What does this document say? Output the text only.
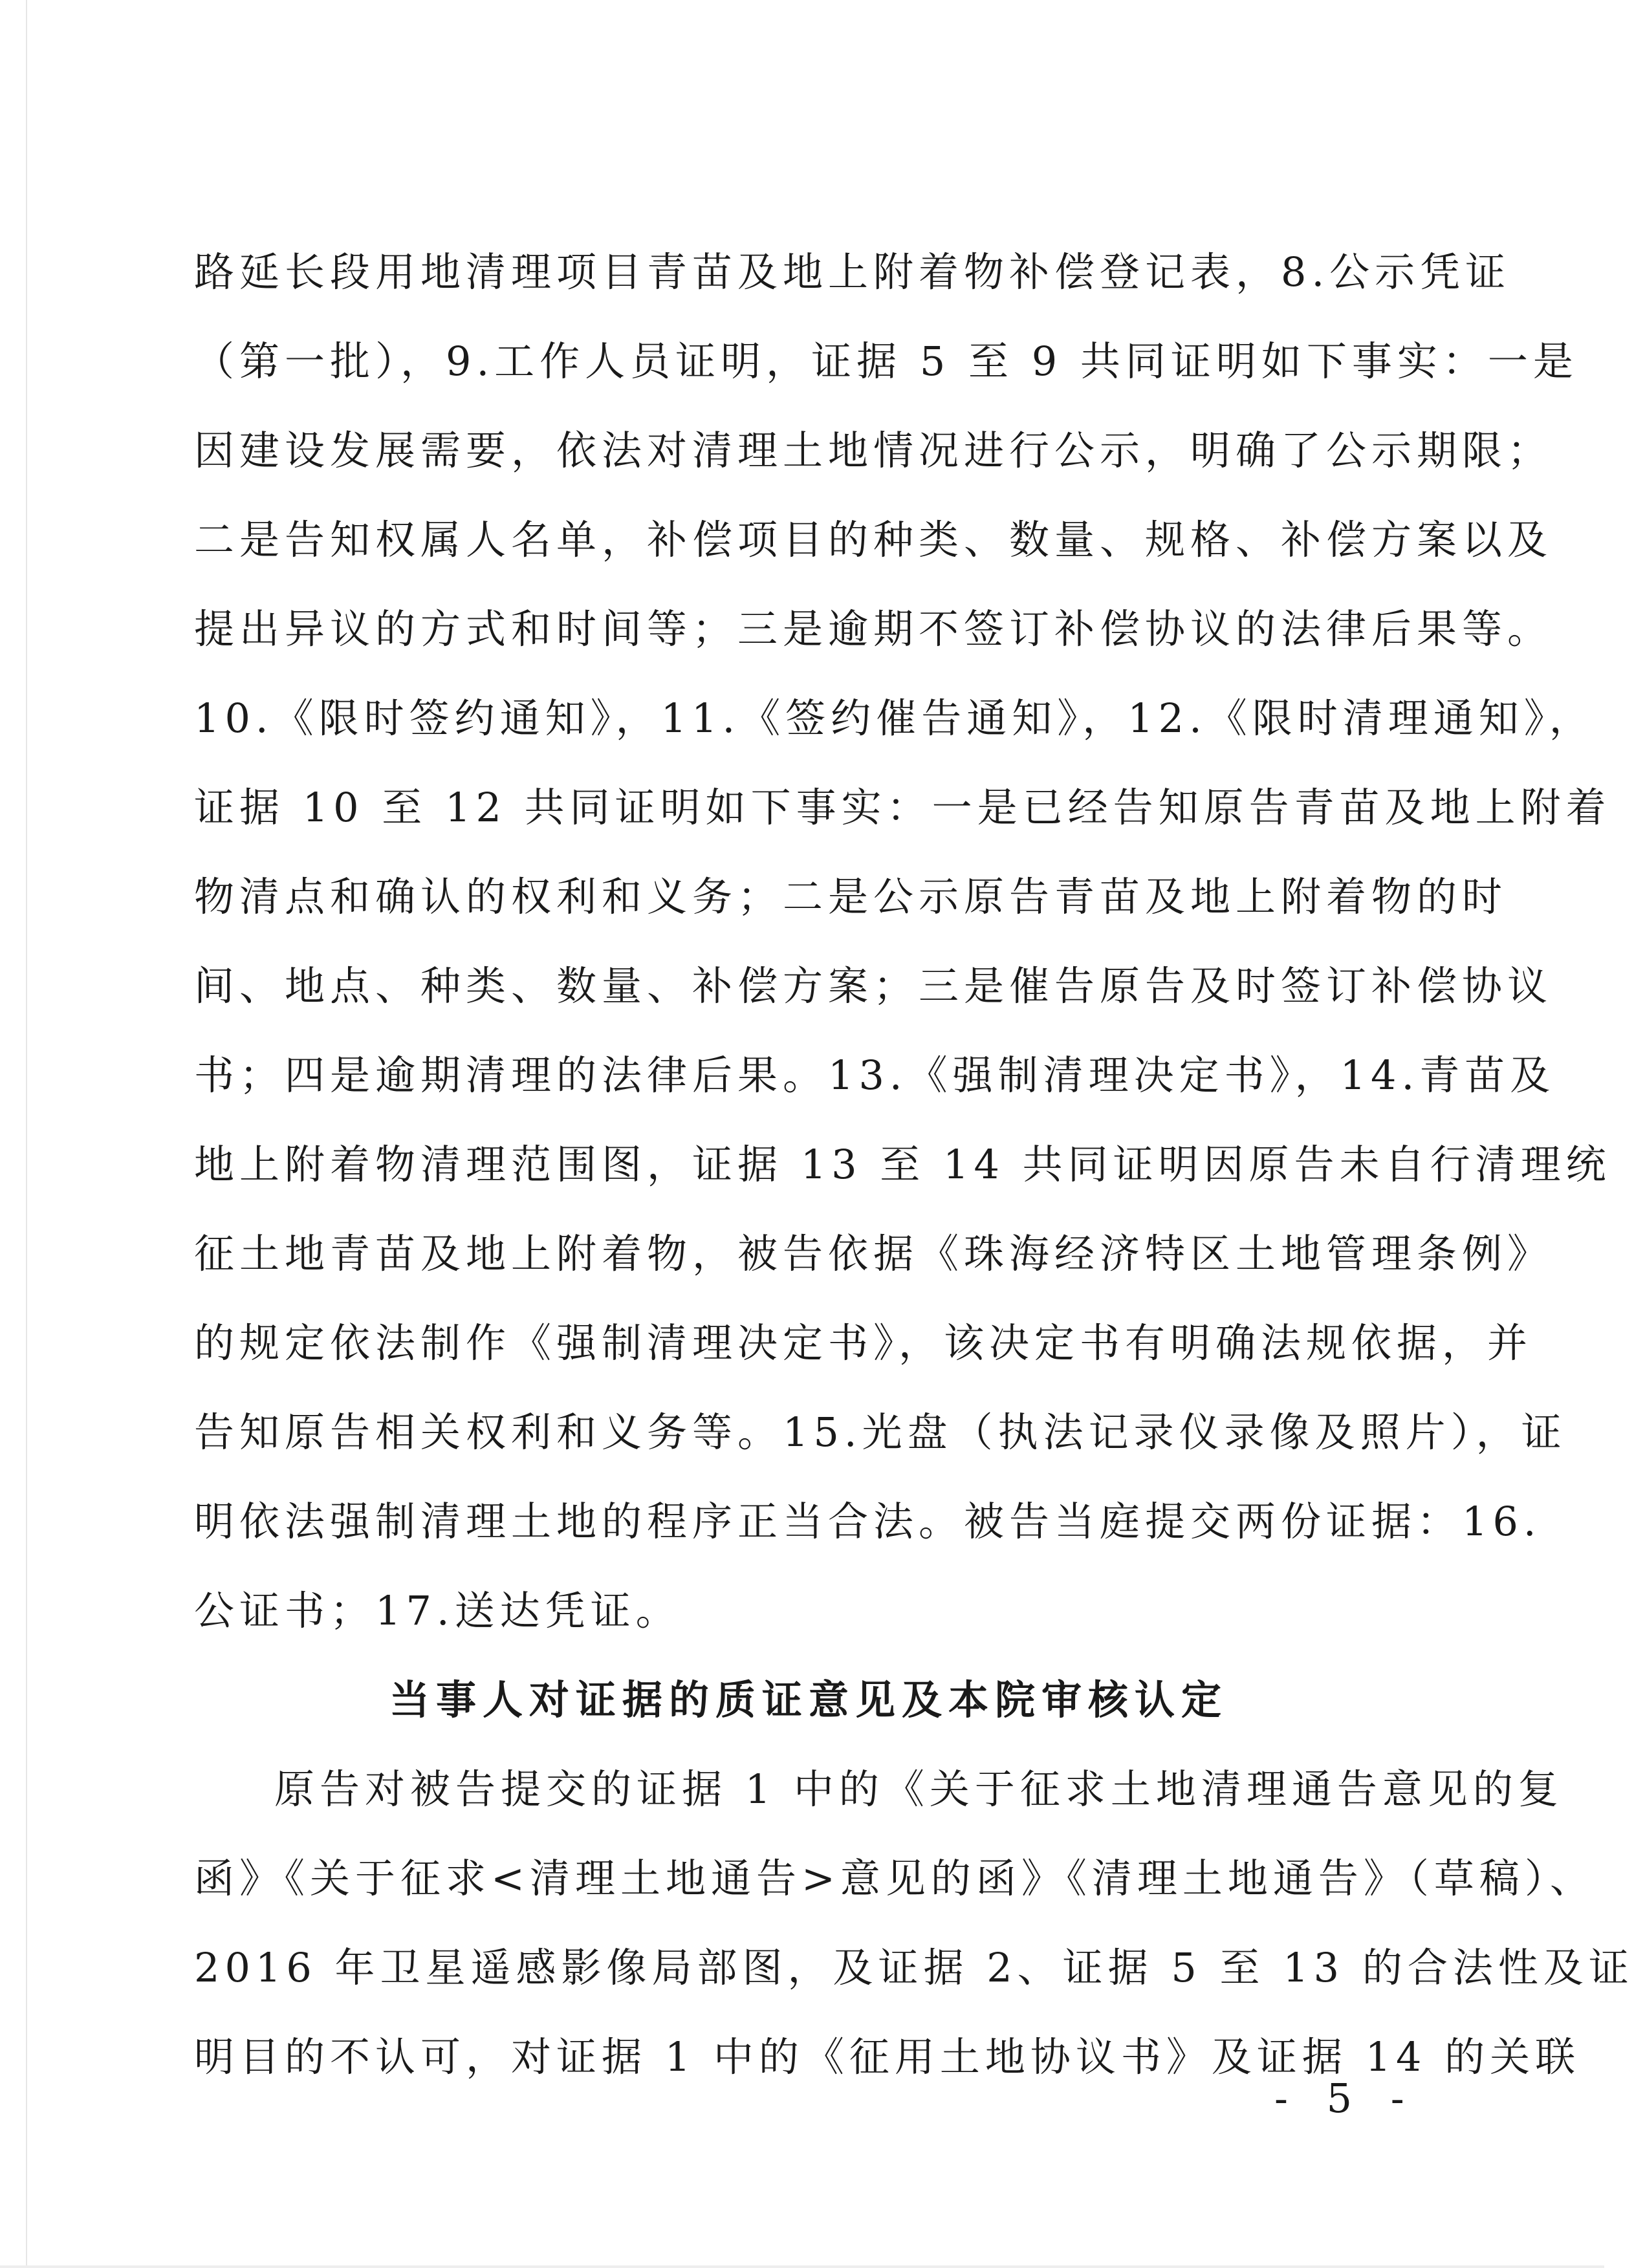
路延长段用地清理项目青苗及地上附着物补偿登记表，8.公示凭证
（第一批），9.工作人员证明，证据 5 至 9 共同证明如下事实：一是
因建设发展需要，依法对清理土地情况进行公示，明确了公示期限；
二是告知权属人名单，补偿项目的种类、数量、规格、补偿方案以及
提出异议的方式和时间等；三是逾期不签订补偿协议的法律后果等。
10.《限时签约通知》，11.《签约催告通知》，12.《限时清理通知》，
证据 10 至 12 共同证明如下事实：一是已经告知原告青苗及地上附着
物清点和确认的权利和义务；二是公示原告青苗及地上附着物的时
间、地点、种类、数量、补偿方案；三是催告原告及时签订补偿协议
书；四是逾期清理的法律后果。13.《强制清理决定书》，14.青苗及
地上附着物清理范围图，证据 13 至 14 共同证明因原告未自行清理统
征土地青苗及地上附着物，被告依据《珠海经济特区土地管理条例》
的规定依法制作《强制清理决定书》，该决定书有明确法规依据，并
告知原告相关权利和义务等。15.光盘（执法记录仪录像及照片），证
明依法强制清理土地的程序正当合法。被告当庭提交两份证据：16.
公证书；17.送达凭证。
当事人对证据的质证意见及本院审核认定
原告对被告提交的证据 1 中的《关于征求土地清理通告意见的复
函》《关于征求<清理土地通告>意见的函》《清理土地通告》（草稿）、
2016 年卫星遥感影像局部图，及证据 2、证据 5 至 13 的合法性及证
明目的不认可，对证据 1 中的《征用土地协议书》及证据 14 的关联
- 5 -
